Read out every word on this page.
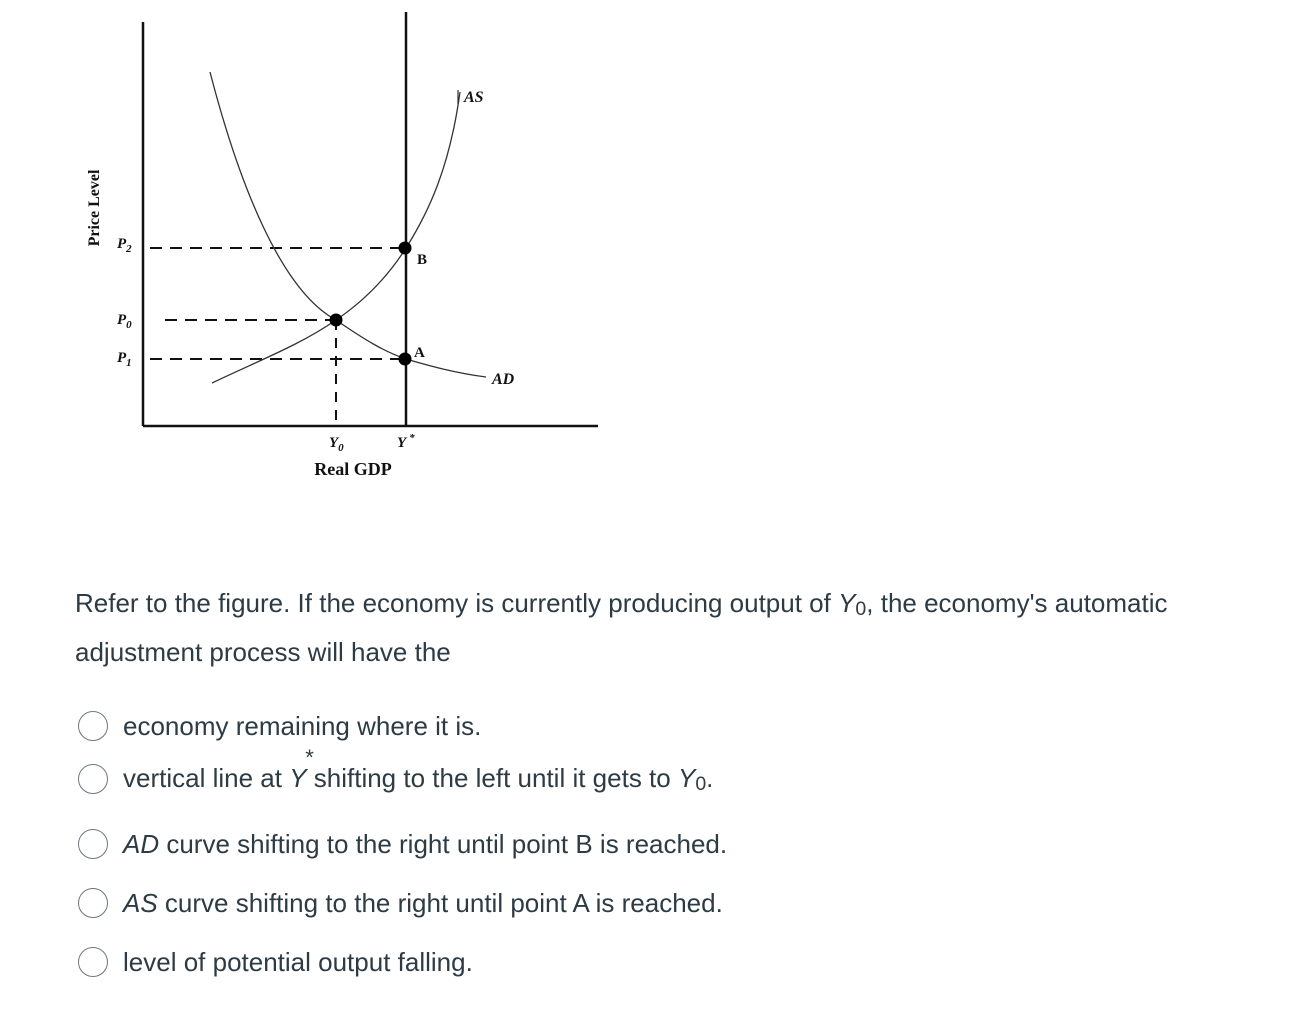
AS
AD
B
A
$P_2$
$P_0$
$P_1$
$Y_0$	Y *
Real GDP
Price Level
Refer to the figure. If the economy is currently producing output of $Y_0$, the economy's automatic adjustment process will have the
economy remaining where it is.
vertical line at Y
*
shifting to the left until it gets to $Y_0$.
AD curve shifting to the right until point B is reached.
AS curve shifting to the right until point A is reached.
level of potential output falling.
